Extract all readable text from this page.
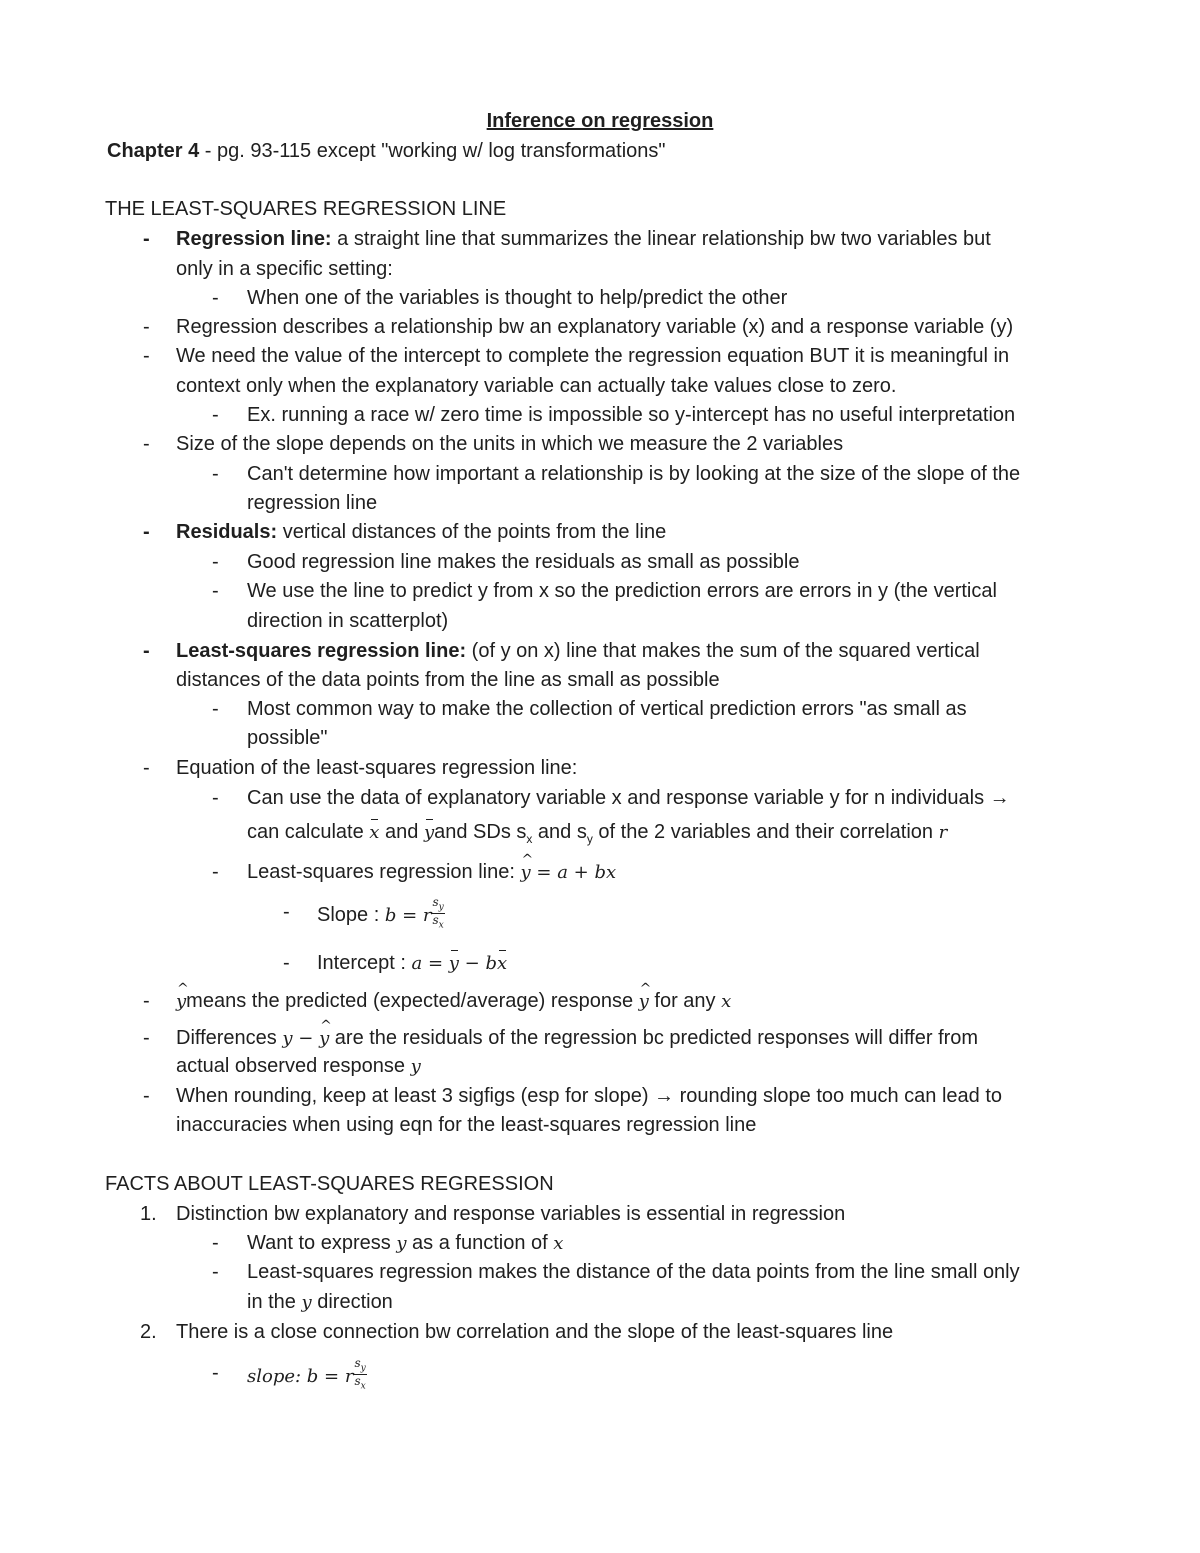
Inference on regression
Chapter 4 - pg. 93-115 except "working w/ log transformations"
THE LEAST-SQUARES REGRESSION LINE
- Regression line: a straight line that summarizes the linear relationship bw two variables but
only in a specific setting:
- When one of the variables is thought to help/predict the other
- Regression describes a relationship bw an explanatory variable (x) and a response variable (y)
- We need the value of the intercept to complete the regression equation BUT it is meaningful in
context only when the explanatory variable can actually take values close to zero.
- Ex. running a race w/ zero time is impossible so y-intercept has no useful interpretation
- Size of the slope depends on the units in which we measure the 2 variables
- Can't determine how important a relationship is by looking at the size of the slope of the
regression line
- Residuals: vertical distances of the points from the line
- Good regression line makes the residuals as small as possible
- We use the line to predict y from x so the prediction errors are errors in y (the vertical
direction in scatterplot)
- Least-squares regression line: (of y on x) line that makes the sum of the squared vertical
distances of the data points from the line as small as possible
- Most common way to make the collection of vertical prediction errors "as small as
possible"
- Equation of the least-squares regression line:
- Can use the data of explanatory variable x and response variable y for n individuals →
can calculate x and yand SDs $s_x$ and $s_y$ of the 2 variables and their correlation r
- Least-squares regression line: ^ y = a + bx
- Slope : b = r $\frac{s_y}{s_x}$
- Intercept : a = y − bx
-
^ ymeans the predicted (expected/average) response ^ y for any x
- Differences y − ^ y are the residuals of the regression bc predicted responses will differ from
actual observed response y
- When rounding, keep at least 3 sigfigs (esp for slope) → rounding slope too much can lead to
inaccuracies when using eqn for the least-squares regression line
FACTS ABOUT LEAST-SQUARES REGRESSION
1. Distinction bw explanatory and response variables is essential in regression
- Want to express y as a function of x
- Least-squares regression makes the distance of the data points from the line small only
in the y direction
2. There is a close connection bw correlation and the slope of the least-squares line
- slope: b = r $\frac{s_y}{s_x}$
